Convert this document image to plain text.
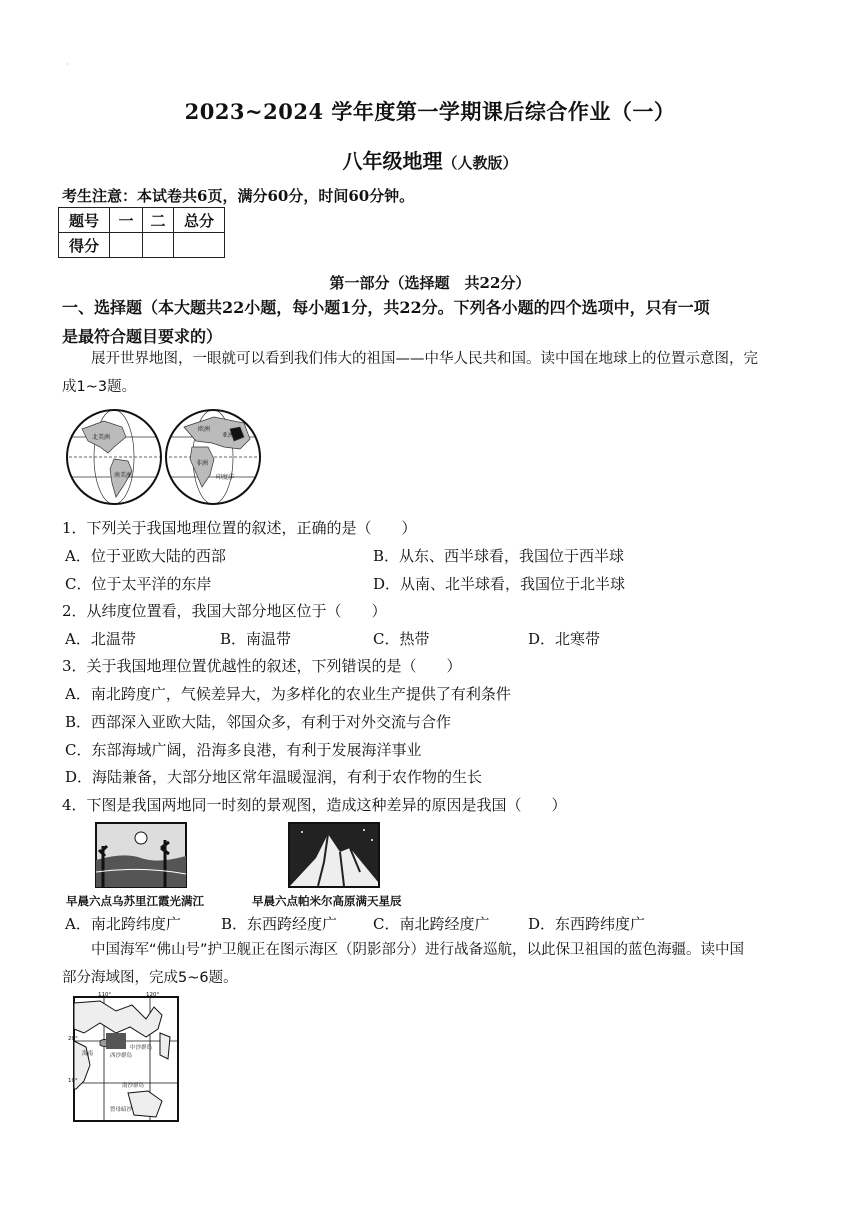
·
2023~2024 学年度第一学期课后综合作业（一）
八年级地理（人教版）
考生注意：本试卷共6页，满分60分，时间60分钟。
题号	一	二	总分
得分			
第一部分（选择题　共22分）
一、选择题（本大题共22小题，每小题1分，共22分。下列各小题的四个选项中，只有一项
是最符合题目要求的）
展开世界地图，一眼就可以看到我们伟大的祖国——中华人民共和国。读中国在地球上的位置示意图，完
成1~3题。
北美洲
南美洲
欧洲
非洲
亚洲
印度洋
1．下列关于我国地理位置的叙述，正确的是（　　）
A．位于亚欧大陆的西部	B．从东、西半球看，我国位于西半球
C．位于太平洋的东岸	D．从南、北半球看，我国位于北半球
2．从纬度位置看，我国大部分地区位于（　　）
A．北温带	B．南温带	C．热带	D．北寒带
3．关于我国地理位置优越性的叙述，下列错误的是（　　）
A．南北跨度广，气候差异大，为多样化的农业生产提供了有利条件
B．西部深入亚欧大陆，邻国众多，有利于对外交流与合作
C．东部海域广阔，沿海多良港，有利于发展海洋事业
D．海陆兼备，大部分地区常年温暖湿润，有利于农作物的生长
4．下图是我国两地同一时刻的景观图，造成这种差异的原因是我国（　　）
早晨六点乌苏里江霞光满江	早晨六点帕米尔高原满天星辰
A．南北跨纬度广	B．东西跨经度广 C．南北跨经度广	D．东西跨纬度广
中国海军“佛山号”护卫舰正在图示海区（阴影部分）进行战备巡航，以此保卫祖国的蓝色海疆。读中国
部分海域图，完成5~6题。
110°	120°
20°
10°
海南	西沙群岛
中沙群岛
南沙群岛
曾母暗沙
